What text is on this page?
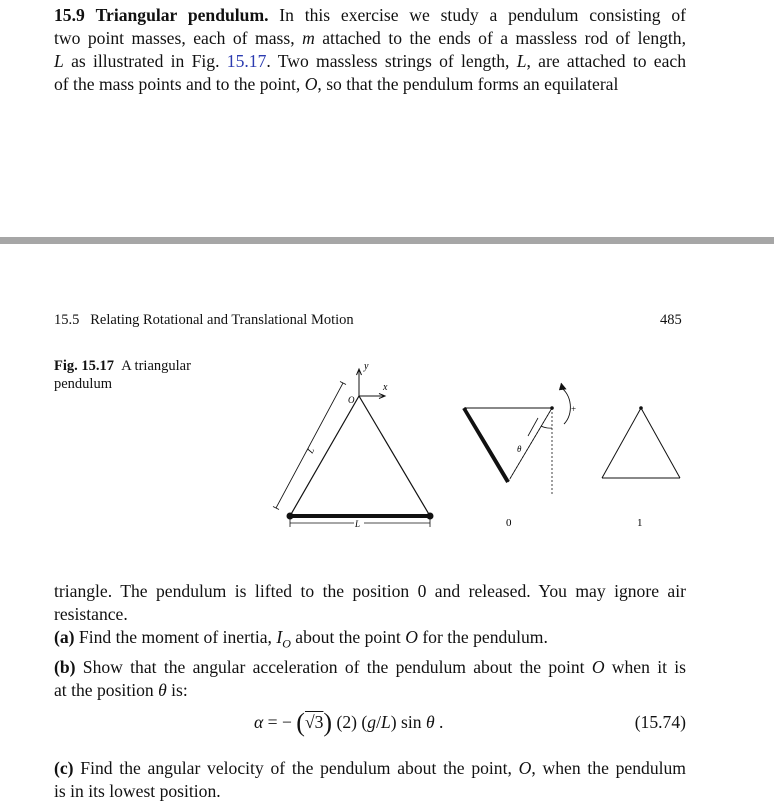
15.9 Triangular pendulum. In this exercise we study a pendulum consisting of
two point masses, each of mass, m attached to the ends of a massless rod of length,
L as illustrated in Fig. 15.17. Two massless strings of length, L, are attached to each
of the mass points and to the point, O, so that the pendulum forms an equilateral
15.5   Relating Rotational and Translational Motion	485
Fig. 15.17 A triangular pendulum
y
x
O
L
L
θ
+
0	1

triangle. The pendulum is lifted to the position 0 and released. You may ignore air

resistance.

(a) Find the moment of inertia, $I_O$ about the point O for the pendulum.

(b) Show that the angular acceleration of the pendulum about the point O when it is

at the position θ is:

α = − (√3) (2) (g/L) sin θ .	(15.74)

(c) Find the angular velocity of the pendulum about the point, O, when the pendulum

is in its lowest position.
